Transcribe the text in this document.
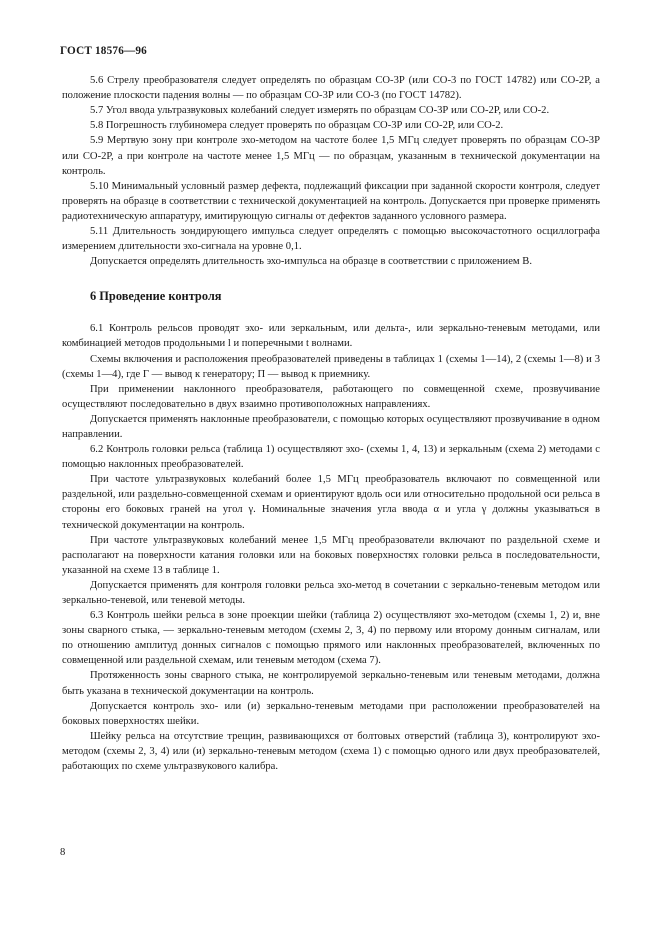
ГОСТ 18576—96

5.6 Стрелу преобразователя следует определять по образцам СО-3Р (или СО-3 по ГОСТ 14782) или СО-2Р, а положение плоскости падения волны — по образцам СО-3Р или СО-3 (по ГОСТ 14782).

5.7 Угол ввода ультразвуковых колебаний следует измерять по образцам СО-3Р или СО-2Р, или СО-2.

5.8 Погрешность глубиномера следует проверять по образцам СО-3Р или СО-2Р, или СО-2.

5.9 Мертвую зону при контроле эхо-методом на частоте более 1,5 МГц следует проверять по образцам СО-3Р или СО-2Р, а при контроле на частоте менее 1,5 МГц — по образцам, указанным в технической документации на контроль.

5.10 Минимальный условный размер дефекта, подлежащий фиксации при заданной скорости контроля, следует проверять на образце в соответствии с технической документацией на контроль. Допускается при проверке применять радиотехническую аппаратуру, имитирующую сигналы от дефектов заданного условного размера.

5.11 Длительность зондирующего импульса следует определять с помощью высокочастотного осциллографа измерением длительности эхо-сигнала на уровне 0,1.

Допускается определять длительность эхо-импульса на образце в соответствии с приложением В.

6 Проведение контроля

6.1 Контроль рельсов проводят эхо- или зеркальным, или дельта-, или зеркально-теневым методами, или комбинацией методов продольными l и поперечными t волнами.

Схемы включения и расположения преобразователей приведены в таблицах 1 (схемы 1—14), 2 (схемы 1—8) и 3 (схемы 1—4), где Г — вывод к генератору; П — вывод к приемнику.

При применении наклонного преобразователя, работающего по совмещенной схеме, прозвучивание осуществляют последовательно в двух взаимно противоположных направлениях.

Допускается применять наклонные преобразователи, с помощью которых осуществляют прозвучивание в одном направлении.

6.2 Контроль головки рельса (таблица 1) осуществляют эхо- (схемы 1, 4, 13) и зеркальным (схема 2) методами с помощью наклонных преобразователей.

При частоте ультразвуковых колебаний более 1,5 МГц преобразователь включают по совмещенной или раздельной, или раздельно-совмещенной схемам и ориентируют вдоль оси или относительно продольной оси рельса в стороны его боковых граней на угол γ. Номинальные значения угла ввода α и угла γ должны указываться в технической документации на контроль.

При частоте ультразвуковых колебаний менее 1,5 МГц преобразователи включают по раздельной схеме и располагают на поверхности катания головки или на боковых поверхностях головки рельса в последовательности, указанной на схеме 13 в таблице 1.

Допускается применять для контроля головки рельса эхо-метод в сочетании с зеркально-теневым методом или зеркально-теневой, или теневой методы.

6.3 Контроль шейки рельса в зоне проекции шейки (таблица 2) осуществляют эхо-методом (схемы 1, 2) и, вне зоны сварного стыка, — зеркально-теневым методом (схемы 2, 3, 4) по первому или второму донным сигналам, или по отношению амплитуд донных сигналов с помощью прямого или наклонных преобразователей, включенных по совмещенной или раздельной схемам, или теневым методом (схема 7).

Протяженность зоны сварного стыка, не контролируемой зеркально-теневым или теневым методами, должна быть указана в технической документации на контроль.

Допускается контроль эхо- или (и) зеркально-теневым методами при расположении преобразователей на боковых поверхностях шейки.

Шейку рельса на отсутствие трещин, развивающихся от болтовых отверстий (таблица 3), контролируют эхо-методом (схемы 2, 3, 4) или (и) зеркально-теневым методом (схема 1) с помощью одного или двух преобразователей, работающих по схеме ультразвукового калибра.

8
